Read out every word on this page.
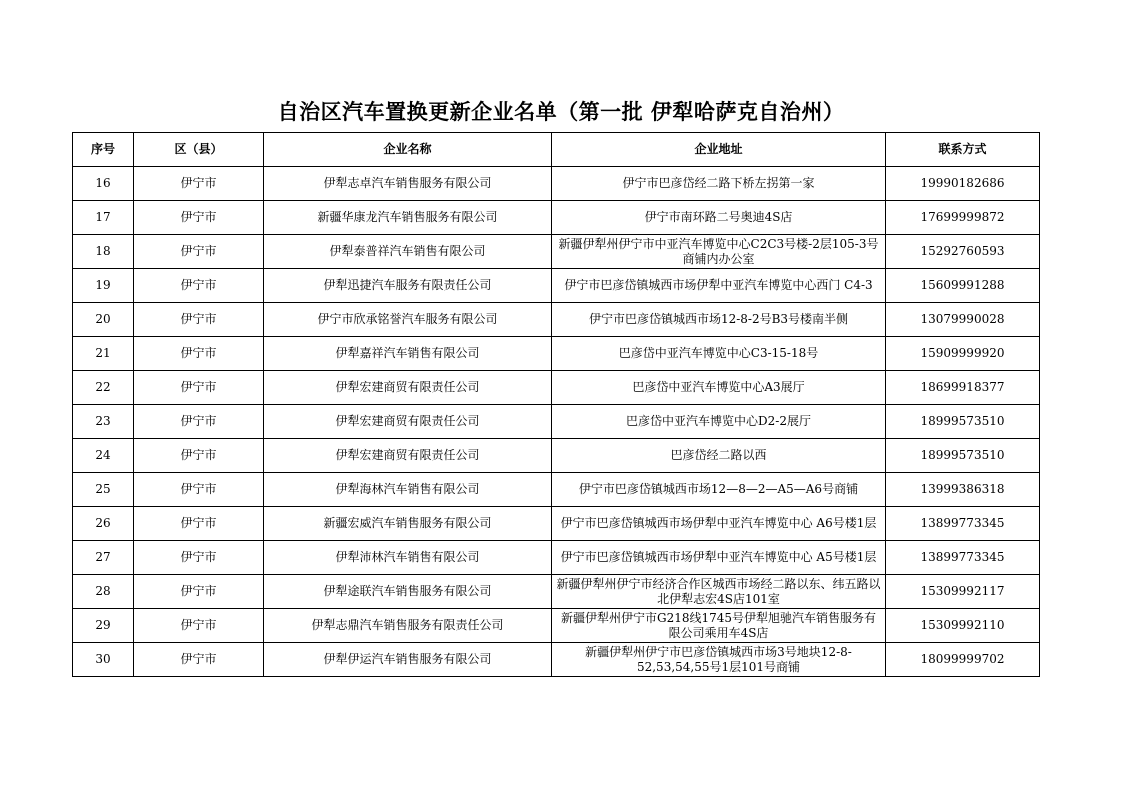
自治区汽车置换更新企业名单（第一批 伊犁哈萨克自治州）
序号	区（县）	企业名称	企业地址	联系方式
16	伊宁市	伊犁志卓汽车销售服务有限公司	伊宁市巴彦岱经二路下桥左拐第一家	19990182686
17	伊宁市	新疆华康龙汽车销售服务有限公司	伊宁市南环路二号奥迪4S店	17699999872
18	伊宁市	伊犁泰普祥汽车销售有限公司	新疆伊犁州伊宁市中亚汽车博览中心C2C3号楼-2层105-3号商铺内办公室	15292760593
19	伊宁市	伊犁迅捷汽车服务有限责任公司	伊宁市巴彦岱镇城西市场伊犁中亚汽车博览中心西门 C4-3	15609991288
20	伊宁市	伊宁市欣承铭誉汽车服务有限公司	伊宁市巴彦岱镇城西市场12-8-2号B3号楼南半侧	13079990028
21	伊宁市	伊犁嘉祥汽车销售有限公司	巴彦岱中亚汽车博览中心C3-15-18号	15909999920
22	伊宁市	伊犁宏建商贸有限责任公司	巴彦岱中亚汽车博览中心A3展厅	18699918377
23	伊宁市	伊犁宏建商贸有限责任公司	巴彦岱中亚汽车博览中心D2-2展厅	18999573510
24	伊宁市	伊犁宏建商贸有限责任公司	巴彦岱经二路以西	18999573510
25	伊宁市	伊犁海林汽车销售有限公司	伊宁市巴彦岱镇城西市场12—8—2—A5—A6号商铺	13999386318
26	伊宁市	新疆宏威汽车销售服务有限公司	伊宁市巴彦岱镇城西市场伊犁中亚汽车博览中心 A6号楼1层	13899773345
27	伊宁市	伊犁沛林汽车销售有限公司	伊宁市巴彦岱镇城西市场伊犁中亚汽车博览中心 A5号楼1层	13899773345
28	伊宁市	伊犁途联汽车销售服务有限公司	新疆伊犁州伊宁市经济合作区城西市场经二路以东、纬五路以北伊犁志宏4S店101室	15309992117
29	伊宁市	伊犁志鼎汽车销售服务有限责任公司	新疆伊犁州伊宁市G218线1745号伊犁旭驰汽车销售服务有限公司乘用车4S店	15309992110
30	伊宁市	伊犁伊运汽车销售服务有限公司	新疆伊犁州伊宁市巴彦岱镇城西市场3号地块12-8-52,53,54,55号1层101号商铺	18099999702
